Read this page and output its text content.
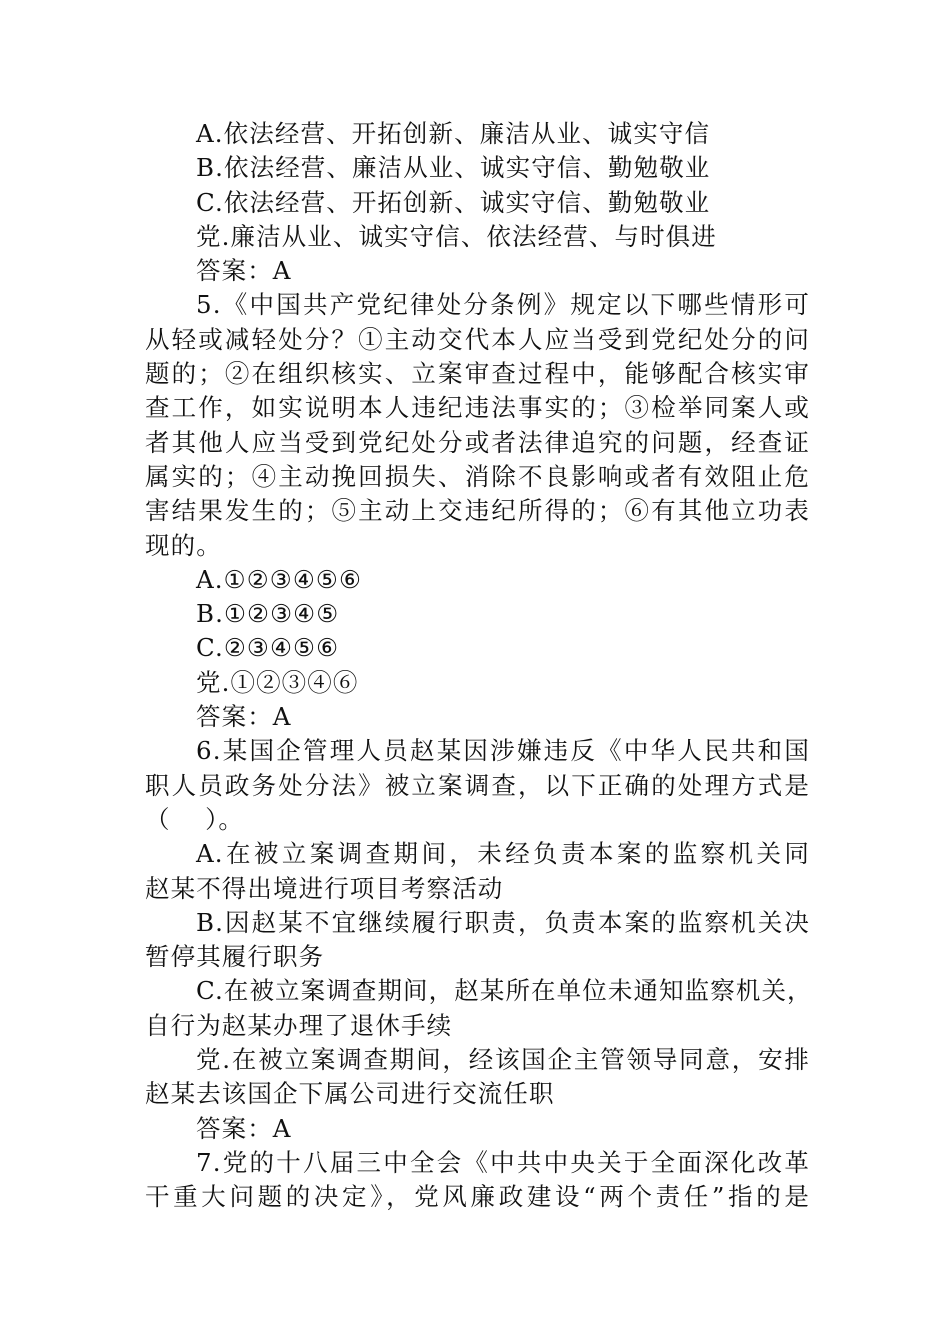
A.依法经营、开拓创新、廉洁从业、诚实守信
B.依法经营、廉洁从业、诚实守信、勤勉敬业
C.依法经营、开拓创新、诚实守信、勤勉敬业
党.廉洁从业、诚实守信、依法经营、与时俱进
答案：A
5.《中国共产党纪律处分条例》规定以下哪些情形可
从轻或减轻处分？①主动交代本人应当受到党纪处分的问
题的；②在组织核实、立案审查过程中，能够配合核实审
查工作，如实说明本人违纪违法事实的；③检举同案人或
者其他人应当受到党纪处分或者法律追究的问题，经查证
属实的；④主动挽回损失、消除不良影响或者有效阻止危
害结果发生的；⑤主动上交违纪所得的；⑥有其他立功表
现的。
A.①②③④⑤⑥
B.①②③④⑤
C.②③④⑤⑥
党.①②③④⑥
答案：A
6.某国企管理人员赵某因涉嫌违反《中华人民共和国
职人员政务处分法》被立案调查，以下正确的处理方式是
（　 ）。
A.在被立案调查期间，未经负责本案的监察机关同
赵某不得出境进行项目考察活动
B.因赵某不宜继续履行职责，负责本案的监察机关决
暂停其履行职务
C.在被立案调查期间，赵某所在单位未通知监察机关，
自行为赵某办理了退休手续
党.在被立案调查期间，经该国企主管领导同意，安排
赵某去该国企下属公司进行交流任职
答案：A
7.党的十八届三中全会《中共中央关于全面深化改革
干重大问题的决定》，党风廉政建设“两个责任”指的是
